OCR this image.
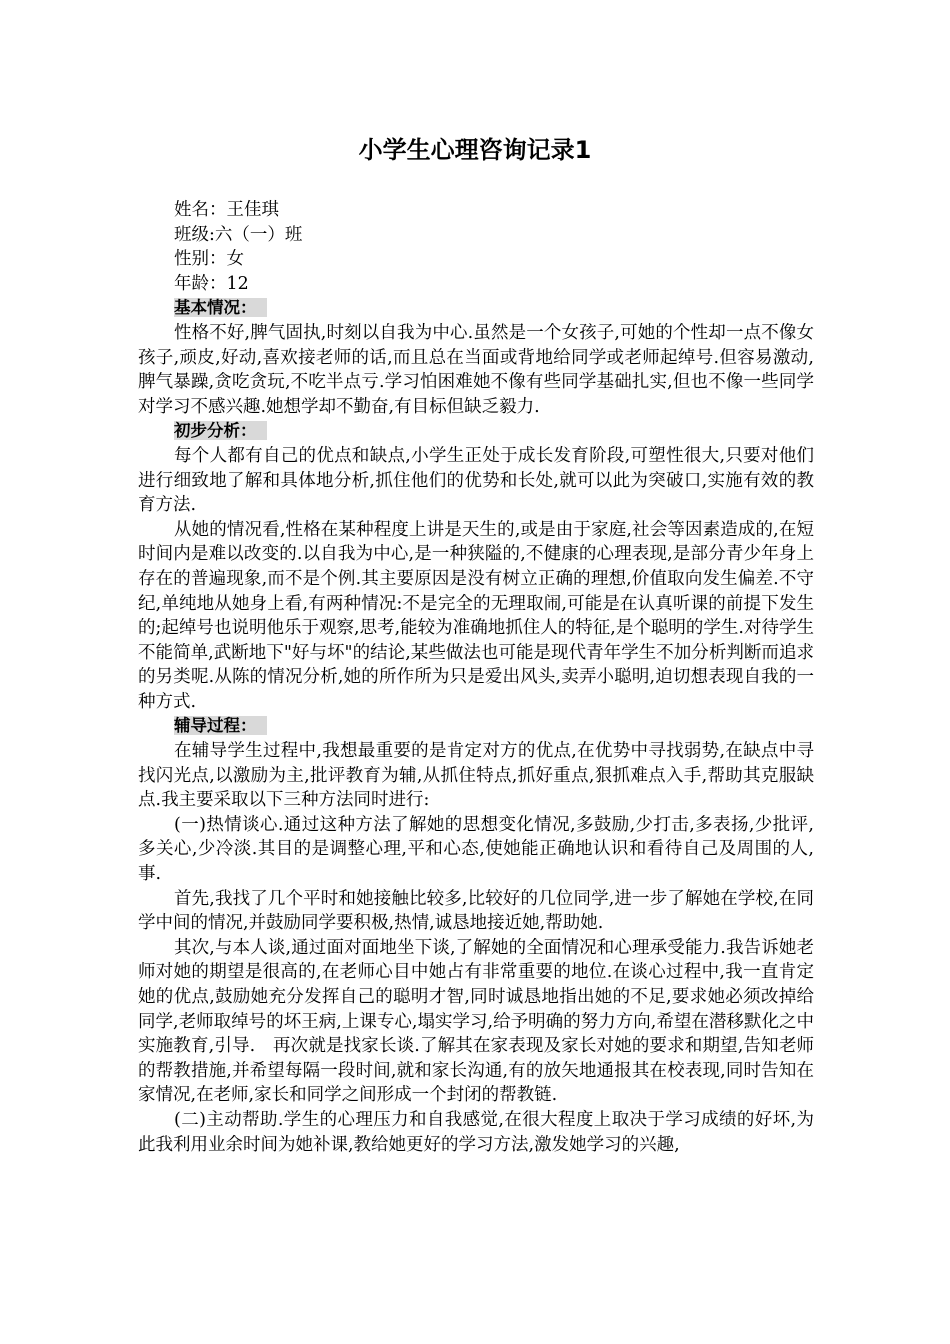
小学生心理咨询记录1
姓名：王佳琪
班级:六（一）班
性别：女
年龄：12
基本情况：

性格不好,脾气固执,时刻以自我为中心.虽然是一个女孩子,可她的个性却一点不像女孩子,顽皮,好动,喜欢接老师的话,而且总在当面或背地给同学或老师起绰号.但容易激动,脾气暴躁,贪吃贪玩,不吃半点亏.学习怕困难她不像有些同学基础扎实,但也不像一些同学对学习不感兴趣.她想学却不勤奋,有目标但缺乏毅力.

初步分析：

每个人都有自己的优点和缺点,小学生正处于成长发育阶段,可塑性很大,只要对他们进行细致地了解和具体地分析,抓住他们的优势和长处,就可以此为突破口,实施有效的教育方法.

从她的情况看,性格在某种程度上讲是天生的,或是由于家庭,社会等因素造成的,在短时间内是难以改变的.以自我为中心,是一种狭隘的,不健康的心理表现,是部分青少年身上存在的普遍现象,而不是个例.其主要原因是没有树立正确的理想,价值取向发生偏差.不守纪,单纯地从她身上看,有两种情况:不是完全的无理取闹,可能是在认真听课的前提下发生的;起绰号也说明他乐于观察,思考,能较为准确地抓住人的特征,是个聪明的学生.对待学生不能简单,武断地下"好与坏"的结论,某些做法也可能是现代青年学生不加分析判断而追求的另类呢.从陈的情况分析,她的所作所为只是爱出风头,卖弄小聪明,迫切想表现自我的一种方式.

辅导过程：

在辅导学生过程中,我想最重要的是肯定对方的优点,在优势中寻找弱势,在缺点中寻找闪光点,以激励为主,批评教育为辅,从抓住特点,抓好重点,狠抓难点入手,帮助其克服缺点.我主要采取以下三种方法同时进行:

(一)热情谈心.通过这种方法了解她的思想变化情况,多鼓励,少打击,多表扬,少批评,多关心,少冷淡.其目的是调整心理,平和心态,使她能正确地认识和看待自己及周围的人,事.

首先,我找了几个平时和她接触比较多,比较好的几位同学,进一步了解她在学校,在同学中间的情况,并鼓励同学要积极,热情,诚恳地接近她,帮助她.

其次,与本人谈,通过面对面地坐下谈,了解她的全面情况和心理承受能力.我告诉她老师对她的期望是很高的,在老师心目中她占有非常重要的地位.在谈心过程中,我一直肯定她的优点,鼓励她充分发挥自己的聪明才智,同时诚恳地指出她的不足,要求她必须改掉给同学,老师取绰号的坏王病,上课专心,塌实学习,给予明确的努力方向,希望在潜移默化之中实施教育,引导.　再次就是找家长谈.了解其在家表现及家长对她的要求和期望,告知老师的帮教措施,并希望每隔一段时间,就和家长沟通,有的放矢地通报其在校表现,同时告知在家情况,在老师,家长和同学之间形成一个封闭的帮教链.

(二)主动帮助.学生的心理压力和自我感觉,在很大程度上取决于学习成绩的好坏,为此我利用业余时间为她补课,教给她更好的学习方法,激发她学习的兴趣,
